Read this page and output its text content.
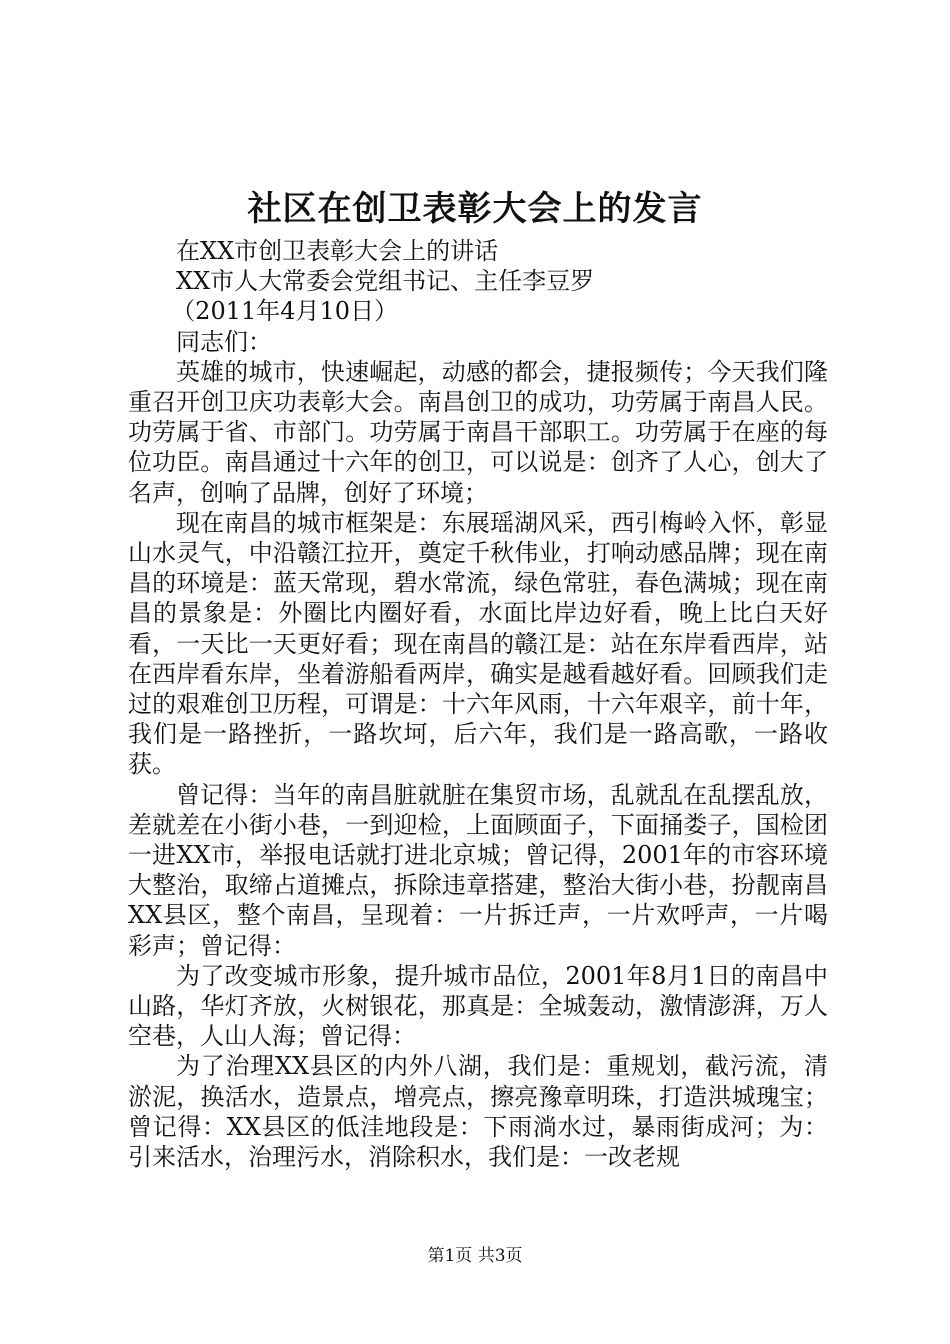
社区在创卫表彰大会上的发言

在XX市创卫表彰大会上的讲话

XX市人大常委会党组书记、主任李豆罗

（2011年4月10日）

同志们：

英雄的城市，快速崛起，动感的都会，捷报频传；今天我们隆重召开创卫庆功表彰大会。南昌创卫的成功，功劳属于南昌人民。功劳属于省、市部门。功劳属于南昌干部职工。功劳属于在座的每位功臣。南昌通过十六年的创卫，可以说是：创齐了人心，创大了名声，创响了品牌，创好了环境；

现在南昌的城市框架是：东展瑶湖风采，西引梅岭入怀，彰显山水灵气，中沿赣江拉开，奠定千秋伟业，打响动感品牌；现在南昌的环境是：蓝天常现，碧水常流，绿色常驻，春色满城；现在南昌的景象是：外圈比内圈好看，水面比岸边好看，晚上比白天好看，一天比一天更好看；现在南昌的赣江是：站在东岸看西岸，站在西岸看东岸，坐着游船看两岸，确实是越看越好看。回顾我们走过的艰难创卫历程，可谓是：十六年风雨，十六年艰辛，前十年，我们是一路挫折，一路坎坷，后六年，我们是一路高歌，一路收获。

曾记得：当年的南昌脏就脏在集贸市场，乱就乱在乱摆乱放，差就差在小街小巷，一到迎检，上面顾面子，下面捅娄子，国检团一进XX市，举报电话就打进北京城；曾记得，2001年的市容环境大整治，取缔占道摊点，拆除违章搭建，整治大街小巷，扮靓南昌XX县区，整个南昌，呈现着：一片拆迁声，一片欢呼声，一片喝彩声；曾记得：

为了改变城市形象，提升城市品位，2001年8月1日的南昌中山路，华灯齐放，火树银花，那真是：全城轰动，激情澎湃，万人空巷，人山人海；曾记得：

为了治理XX县区的内外八湖，我们是：重规划，截污流，清淤泥，换活水，造景点，增亮点，擦亮豫章明珠，打造洪城瑰宝；曾记得：XX县区的低洼地段是：下雨淌水过，暴雨街成河；为：引来活水，治理污水，消除积水，我们是：一改老规

第1页 共3页
